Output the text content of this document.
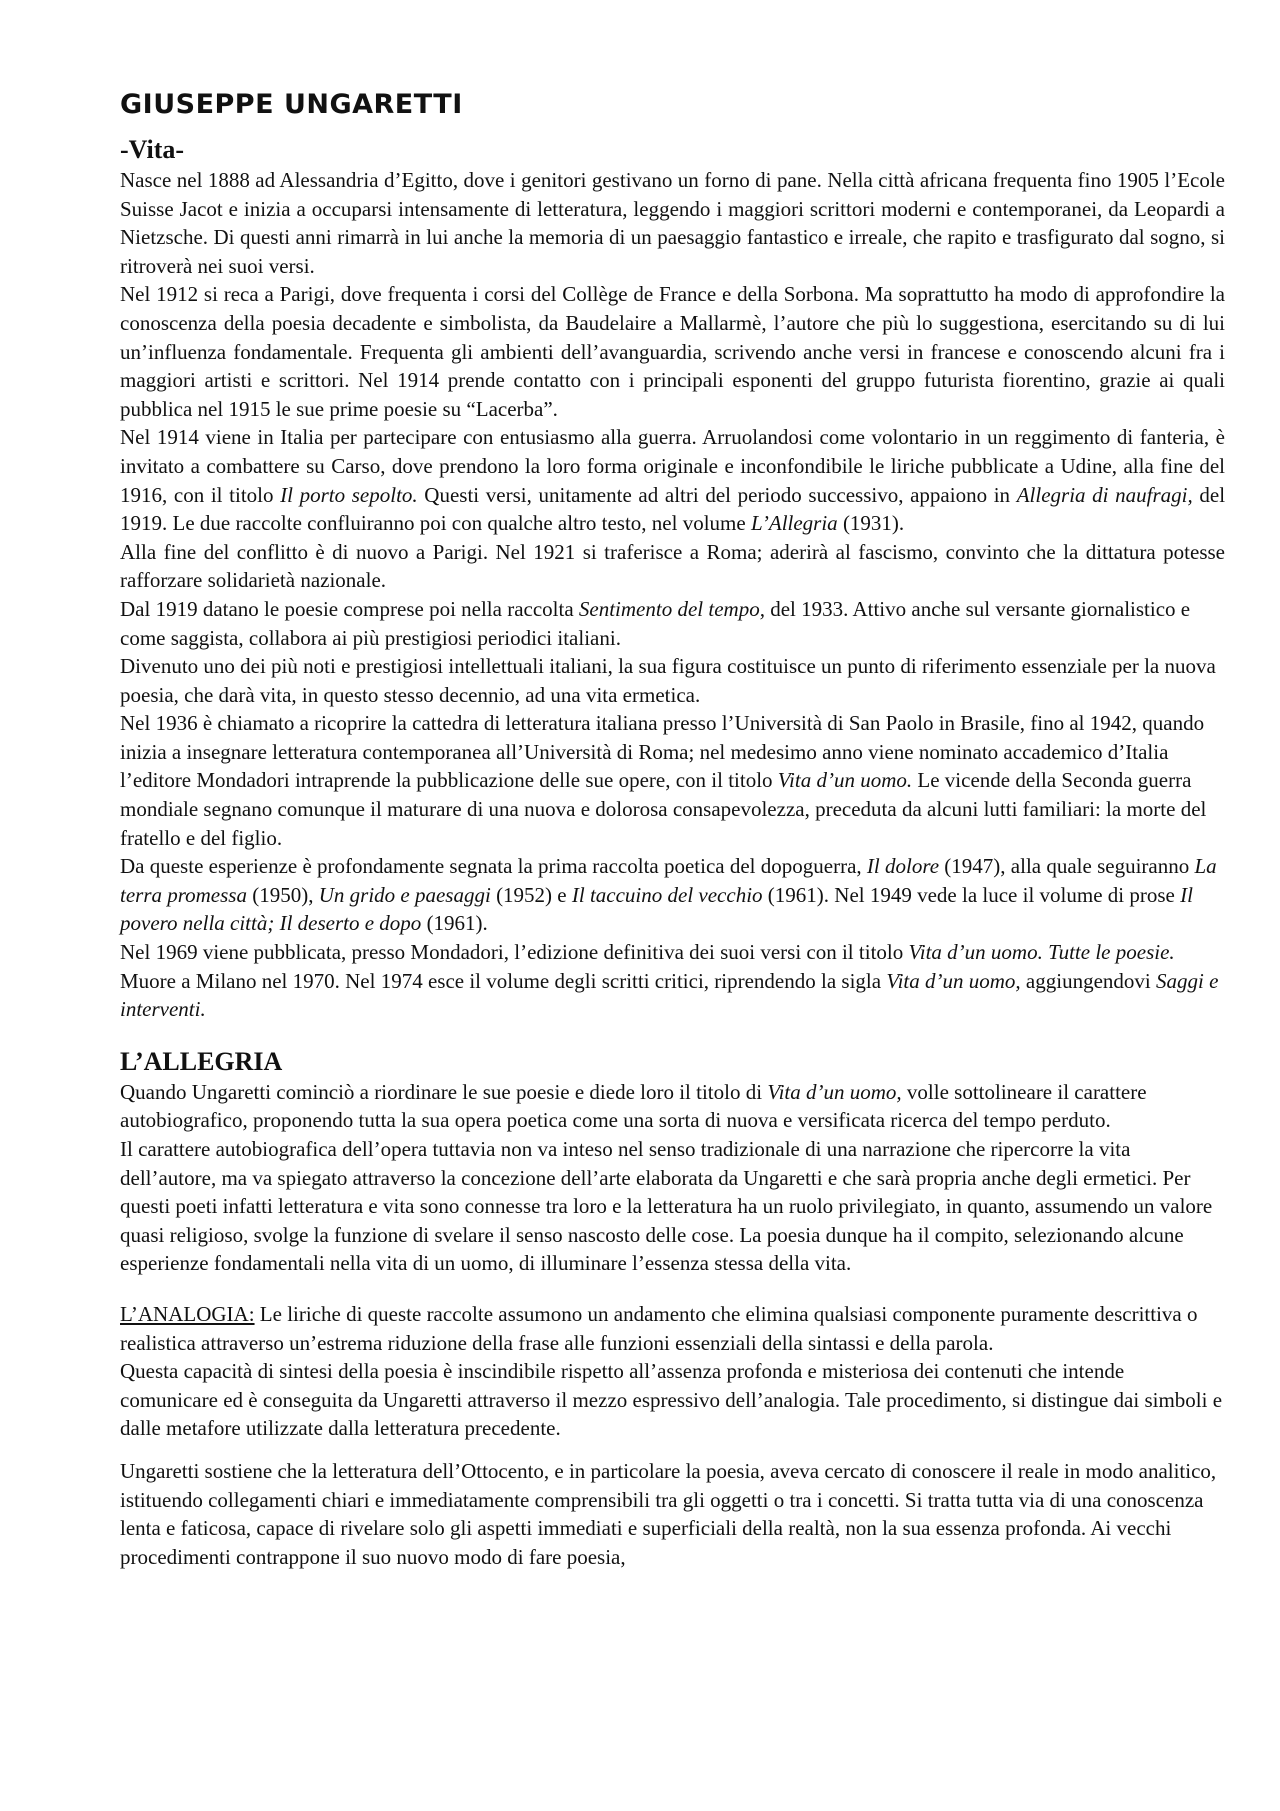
GIUSEPPE UNGARETTI
-Vita-

Nasce nel 1888 ad Alessandria d’Egitto, dove i genitori gestivano un forno di pane. Nella città africana frequenta fino 1905 l’Ecole Suisse Jacot e inizia a occuparsi intensamente di letteratura, leggendo i maggiori scrittori moderni e contemporanei, da Leopardi a Nietzsche. Di questi anni rimarrà in lui anche la memoria di un paesaggio fantastico e irreale, che rapito e trasfigurato dal sogno, si ritroverà nei suoi versi.

Nel 1912 si reca a Parigi, dove frequenta i corsi del Collège de France e della Sorbona. Ma soprattutto ha modo di approfondire la conoscenza della poesia decadente e simbolista, da Baudelaire a Mallarmè, l’autore che più lo suggestiona, esercitando su di lui un’influenza fondamentale. Frequenta gli ambienti dell’avanguardia, scrivendo anche versi in francese e conoscendo alcuni fra i maggiori artisti e scrittori. Nel 1914 prende contatto con i principali esponenti del gruppo futurista fiorentino, grazie ai quali pubblica nel 1915 le sue prime poesie su “Lacerba”.

Nel 1914 viene in Italia per partecipare con entusiasmo alla guerra. Arruolandosi come volontario in un reggimento di fanteria, è invitato a combattere su Carso, dove prendono la loro forma originale e inconfondibile le liriche pubblicate a Udine, alla fine del 1916, con il titolo Il porto sepolto. Questi versi, unitamente ad altri del periodo successivo, appaiono in Allegria di naufragi, del 1919. Le due raccolte confluiranno poi con qualche altro testo, nel volume L’Allegria (1931).

Alla fine del conflitto è di nuovo a Parigi. Nel 1921 si traferisce a Roma; aderirà al fascismo, convinto che la dittatura potesse rafforzare solidarietà nazionale.

Dal 1919 datano le poesie comprese poi nella raccolta Sentimento del tempo, del 1933. Attivo anche sul versante giornalistico e come saggista, collabora ai più prestigiosi periodici italiani.

Divenuto uno dei più noti e prestigiosi intellettuali italiani, la sua figura costituisce un punto di riferimento essenziale per la nuova poesia, che darà vita, in questo stesso decennio, ad una vita ermetica.

Nel 1936 è chiamato a ricoprire la cattedra di letteratura italiana presso l’Università di San Paolo in Brasile, fino al 1942, quando inizia a insegnare letteratura contemporanea all’Università di Roma; nel medesimo anno viene nominato accademico d’Italia l’editore Mondadori intraprende la pubblicazione delle sue opere, con il titolo Vita d’un uomo. Le vicende della Seconda guerra mondiale segnano comunque il maturare di una nuova e dolorosa consapevolezza, preceduta da alcuni lutti familiari: la morte del fratello e del figlio.

Da queste esperienze è profondamente segnata la prima raccolta poetica del dopoguerra, Il dolore (1947), alla quale seguiranno La terra promessa (1950), Un grido e paesaggi (1952) e Il taccuino del vecchio (1961). Nel 1949 vede la luce il volume di prose Il povero nella città; Il deserto e dopo (1961).

Nel 1969 viene pubblicata, presso Mondadori, l’edizione definitiva dei suoi versi con il titolo Vita d’un uomo. Tutte le poesie. Muore a Milano nel 1970. Nel 1974 esce il volume degli scritti critici, riprendendo la sigla Vita d’un uomo, aggiungendovi Saggi e interventi.

L’ALLEGRIA

Quando Ungaretti cominciò a riordinare le sue poesie e diede loro il titolo di Vita d’un uomo, volle sottolineare il carattere autobiografico, proponendo tutta la sua opera poetica come una sorta di nuova e versificata ricerca del tempo perduto.

Il carattere autobiografica dell’opera tuttavia non va inteso nel senso tradizionale di una narrazione che ripercorre la vita dell’autore, ma va spiegato attraverso la concezione dell’arte elaborata da Ungaretti e che sarà propria anche degli ermetici. Per questi poeti infatti letteratura e vita sono connesse tra loro e la letteratura ha un ruolo privilegiato, in quanto, assumendo un valore quasi religioso, svolge la funzione di svelare il senso nascosto delle cose. La poesia dunque ha il compito, selezionando alcune esperienze fondamentali nella vita di un uomo, di illuminare l’essenza stessa della vita.

L’ANALOGIA: Le liriche di queste raccolte assumono un andamento che elimina qualsiasi componente puramente descrittiva o realistica attraverso un’estrema riduzione della frase alle funzioni essenziali della sintassi e della parola.

Questa capacità di sintesi della poesia è inscindibile rispetto all’assenza profonda e misteriosa dei contenuti che intende comunicare ed è conseguita da Ungaretti attraverso il mezzo espressivo dell’analogia. Tale procedimento, si distingue dai simboli e dalle metafore utilizzate dalla letteratura precedente.

Ungaretti sostiene che la letteratura dell’Ottocento, e in particolare la poesia, aveva cercato di conoscere il reale in modo analitico, istituendo collegamenti chiari e immediatamente comprensibili tra gli oggetti o tra i concetti. Si tratta tutta via di una conoscenza lenta e faticosa, capace di rivelare solo gli aspetti immediati e superficiali della realtà, non la sua essenza profonda. Ai vecchi procedimenti contrappone il suo nuovo modo di fare poesia,
